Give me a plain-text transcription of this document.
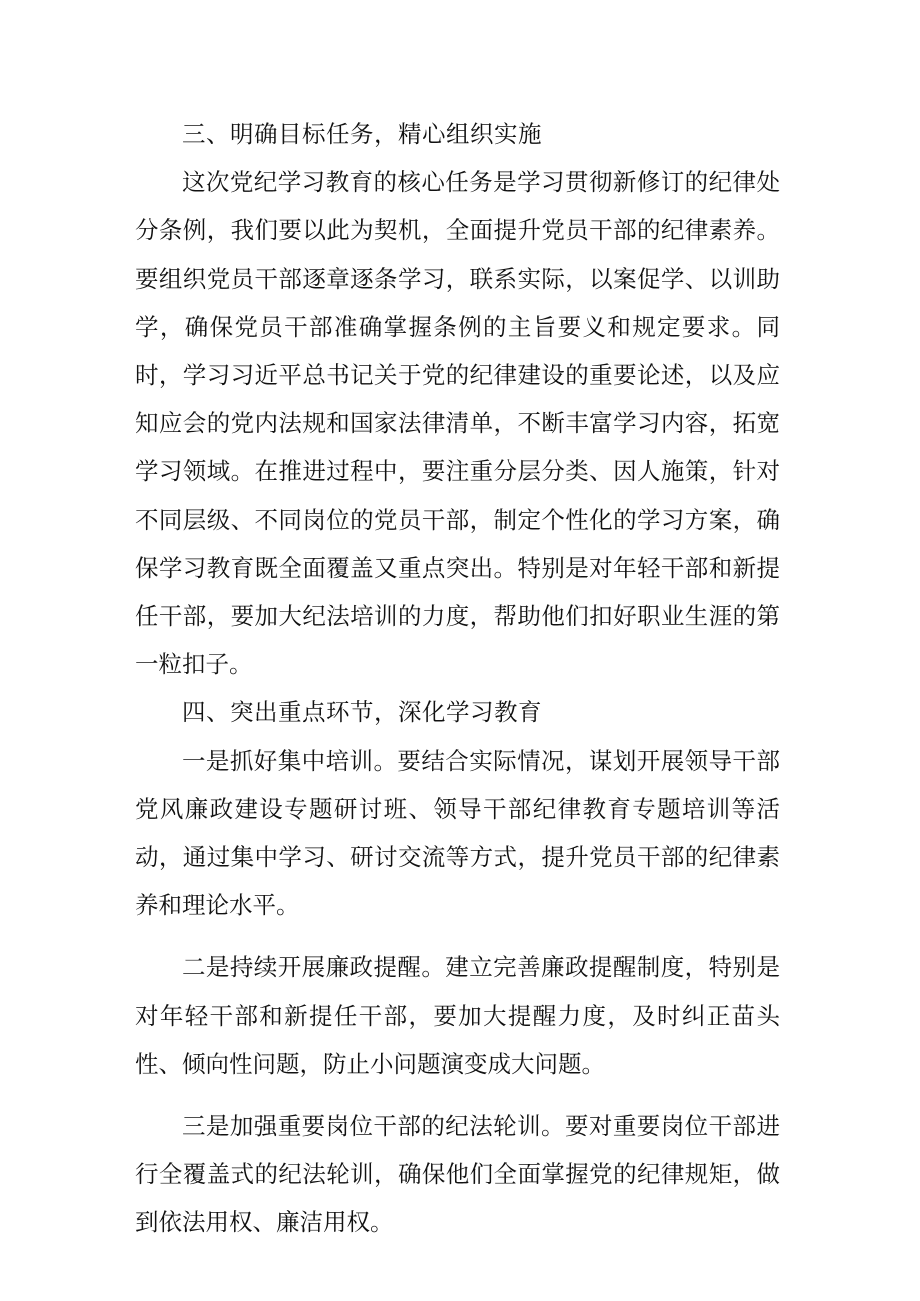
三、明确目标任务，精心组织实施

这次党纪学习教育的核心任务是学习贯彻新修订的纪律处分条例，我们要以此为契机，全面提升党员干部的纪律素养。要组织党员干部逐章逐条学习，联系实际，以案促学、以训助学，确保党员干部准确掌握条例的主旨要义和规定要求。同时，学习习近平总书记关于党的纪律建设的重要论述，以及应知应会的党内法规和国家法律清单，不断丰富学习内容，拓宽学习领域。在推进过程中，要注重分层分类、因人施策，针对不同层级、不同岗位的党员干部，制定个性化的学习方案，确保学习教育既全面覆盖又重点突出。特别是对年轻干部和新提任干部，要加大纪法培训的力度，帮助他们扣好职业生涯的第一粒扣子。

四、突出重点环节，深化学习教育

一是抓好集中培训。要结合实际情况，谋划开展领导干部党风廉政建设专题研讨班、领导干部纪律教育专题培训等活动，通过集中学习、研讨交流等方式，提升党员干部的纪律素养和理论水平。

二是持续开展廉政提醒。建立完善廉政提醒制度，特别是对年轻干部和新提任干部，要加大提醒力度，及时纠正苗头性、倾向性问题，防止小问题演变成大问题。

三是加强重要岗位干部的纪法轮训。要对重要岗位干部进行全覆盖式的纪法轮训，确保他们全面掌握党的纪律规矩，做到依法用权、廉洁用权。
